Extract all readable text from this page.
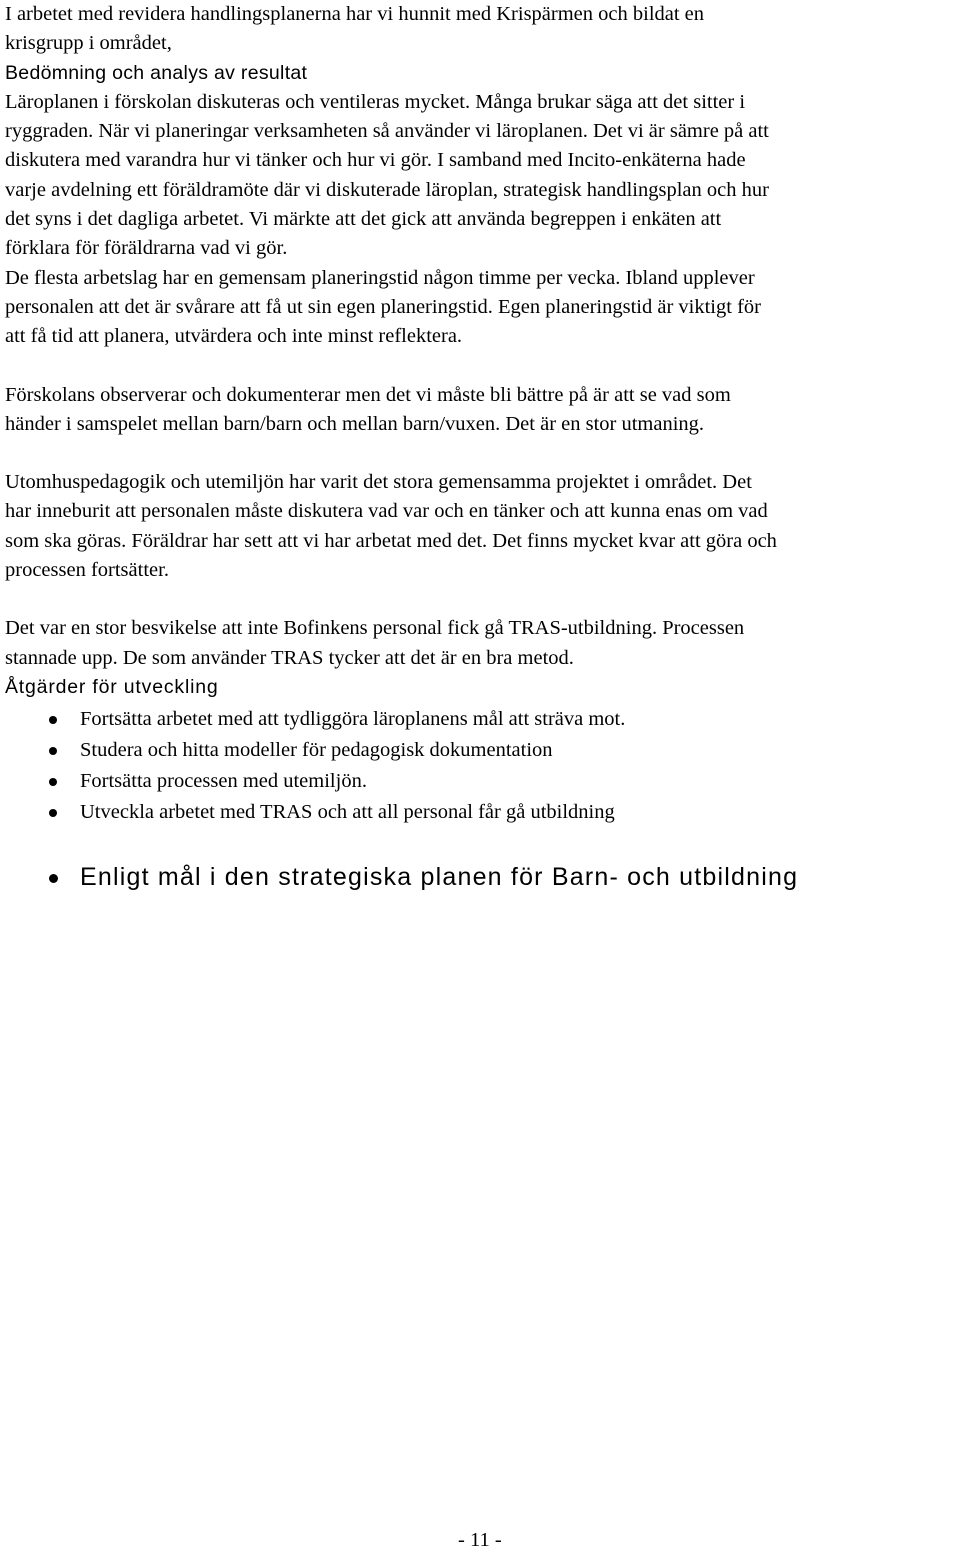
I arbetet med revidera handlingsplanerna har vi hunnit med Krispärmen och bildat en

krisgrupp i området,

Bedömning och analys av resultat

Läroplanen i förskolan diskuteras och ventileras mycket. Många brukar säga att det sitter i

ryggraden. När vi planeringar verksamheten så använder vi läroplanen. Det vi är sämre på att

diskutera med varandra hur vi tänker och hur vi gör. I samband med Incito-enkäterna hade

varje avdelning ett föräldramöte där vi diskuterade läroplan, strategisk handlingsplan och hur

det syns i det dagliga arbetet. Vi märkte att det gick att använda begreppen i enkäten att

förklara för föräldrarna vad vi gör.

De flesta arbetslag har en gemensam planeringstid någon timme per vecka. Ibland upplever

personalen att det är svårare att få ut sin egen planeringstid. Egen planeringstid är viktigt för

att få tid att planera, utvärdera och inte minst reflektera.

Förskolans observerar och dokumenterar men det vi måste bli bättre på är att se vad som

händer i samspelet mellan barn/barn och mellan barn/vuxen. Det är en stor utmaning.

Utomhuspedagogik och utemiljön har varit det stora gemensamma projektet i området. Det

har inneburit att personalen måste diskutera vad var och en tänker och att kunna enas om vad

som ska göras. Föräldrar har sett att vi har arbetat med det. Det finns mycket kvar att göra och

processen fortsätter.

Det var en stor besvikelse att inte Bofinkens personal fick gå TRAS-utbildning. Processen

stannade upp. De som använder TRAS tycker att det är en bra metod.

Åtgärder för utveckling

Fortsätta arbetet med att tydliggöra läroplanens mål att sträva mot.
Studera och hitta modeller för pedagogisk dokumentation
Fortsätta processen med utemiljön.
Utveckla arbetet med TRAS och att all personal får gå utbildning
Enligt mål i den strategiska planen för Barn- och utbildning
- 11 -
